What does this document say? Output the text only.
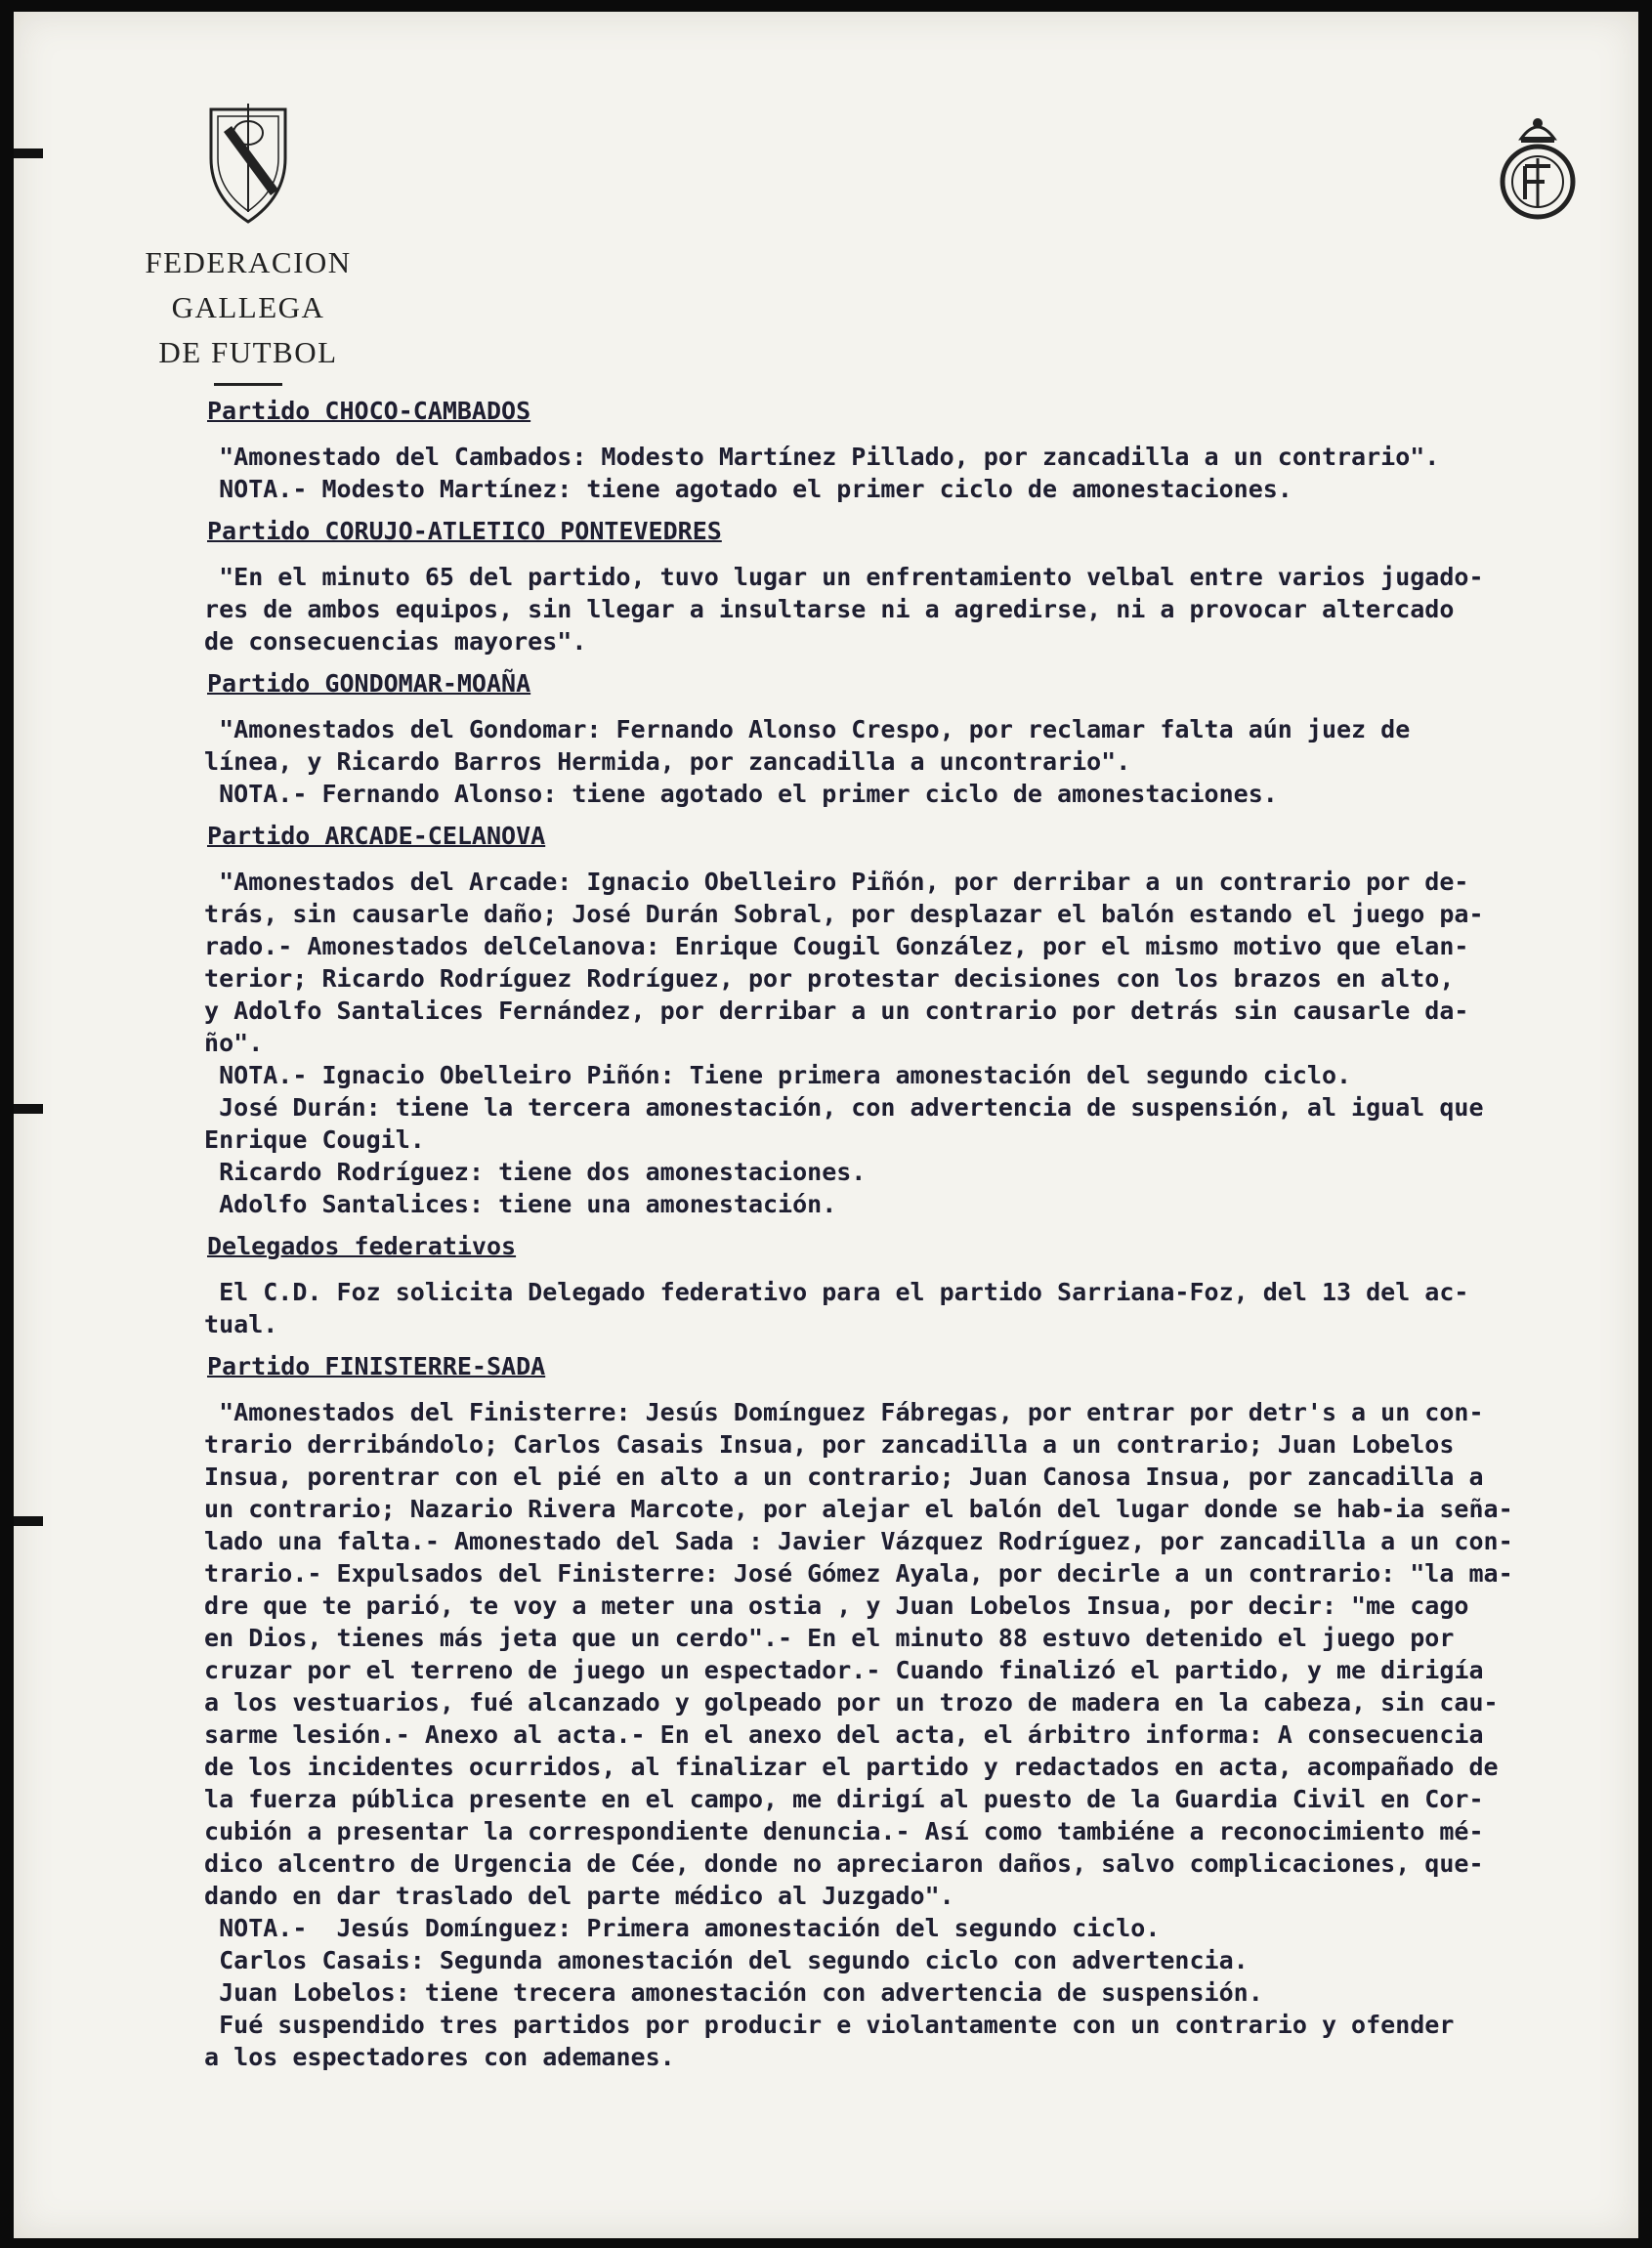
FEDERACION GALLEGA
DE FUTBOL
Partido CHOCO-CAMBADOS
"Amonestado del Cambados: Modesto Martínez Pillado, por zancadilla a un contrario".
NOTA.- Modesto Martínez: tiene agotado el primer ciclo de amonestaciones.
Partido CORUJO-ATLETICO PONTEVEDRES
"En el minuto 65 del partido, tuvo lugar un enfrentamiento velbal entre varios jugado-
res de ambos equipos, sin llegar a insultarse ni a agredirse, ni a provocar altercado
de consecuencias mayores".
Partido GONDOMAR-MOAÑA
"Amonestados del Gondomar: Fernando Alonso Crespo, por reclamar falta aún juez de
línea, y Ricardo Barros Hermida, por zancadilla a uncontrario".
NOTA.- Fernando Alonso: tiene agotado el primer ciclo de amonestaciones.
Partido ARCADE-CELANOVA
"Amonestados del Arcade: Ignacio Obelleiro Piñón, por derribar a un contrario por de-
trás, sin causarle daño; José Durán Sobral, por desplazar el balón estando el juego pa-
rado.- Amonestados delCelanova: Enrique Cougil González, por el mismo motivo que elan-
terior; Ricardo Rodríguez Rodríguez, por protestar decisiones con los brazos en alto,
y Adolfo Santalices Fernández, por derribar a un contrario por detrás sin causarle da-
ño".
NOTA.- Ignacio Obelleiro Piñón: Tiene primera amonestación del segundo ciclo.
José Durán: tiene la tercera amonestación, con advertencia de suspensión, al igual que
Enrique Cougil.
Ricardo Rodríguez: tiene dos amonestaciones.
Adolfo Santalices: tiene una amonestación.
Delegados federativos
El C.D. Foz solicita Delegado federativo para el partido Sarriana-Foz, del 13 del ac-
tual.
Partido FINISTERRE-SADA
"Amonestados del Finisterre: Jesús Domínguez Fábregas, por entrar por detr's a un con-
trario derribándolo; Carlos Casais Insua, por zancadilla a un contrario; Juan Lobelos
Insua, porentrar con el pié en alto a un contrario; Juan Canosa Insua, por zancadilla a
un contrario; Nazario Rivera Marcote, por alejar el balón del lugar donde se hab-ia seña-
lado una falta.- Amonestado del Sada : Javier Vázquez Rodríguez, por zancadilla a un con-
trario.- Expulsados del Finisterre: José Gómez Ayala, por decirle a un contrario: "la ma-
dre que te parió, te voy a meter una ostia , y Juan Lobelos Insua, por decir: "me cago
en Dios, tienes más jeta que un cerdo".- En el minuto 88 estuvo detenido el juego por
cruzar por el terreno de juego un espectador.- Cuando finalizó el partido, y me dirigía
a los vestuarios, fué alcanzado y golpeado por un trozo de madera en la cabeza, sin cau-
sarme lesión.- Anexo al acta.- En el anexo del acta, el árbitro informa: A consecuencia
de los incidentes ocurridos, al finalizar el partido y redactados en acta, acompañado de
la fuerza pública presente en el campo, me dirigí al puesto de la Guardia Civil en Cor-
cubión a presentar la correspondiente denuncia.- Así como tambiéne a reconocimiento mé-
dico alcentro de Urgencia de Cée, donde no apreciaron daños, salvo complicaciones, que-
dando en dar traslado del parte médico al Juzgado".
NOTA.-  Jesús Domínguez: Primera amonestación del segundo ciclo.
Carlos Casais: Segunda amonestación del segundo ciclo con advertencia.
Juan Lobelos: tiene trecera amonestación con advertencia de suspensión.
Fué suspendido tres partidos por producir e violantamente con un contrario y ofender
a los espectadores con ademanes.
